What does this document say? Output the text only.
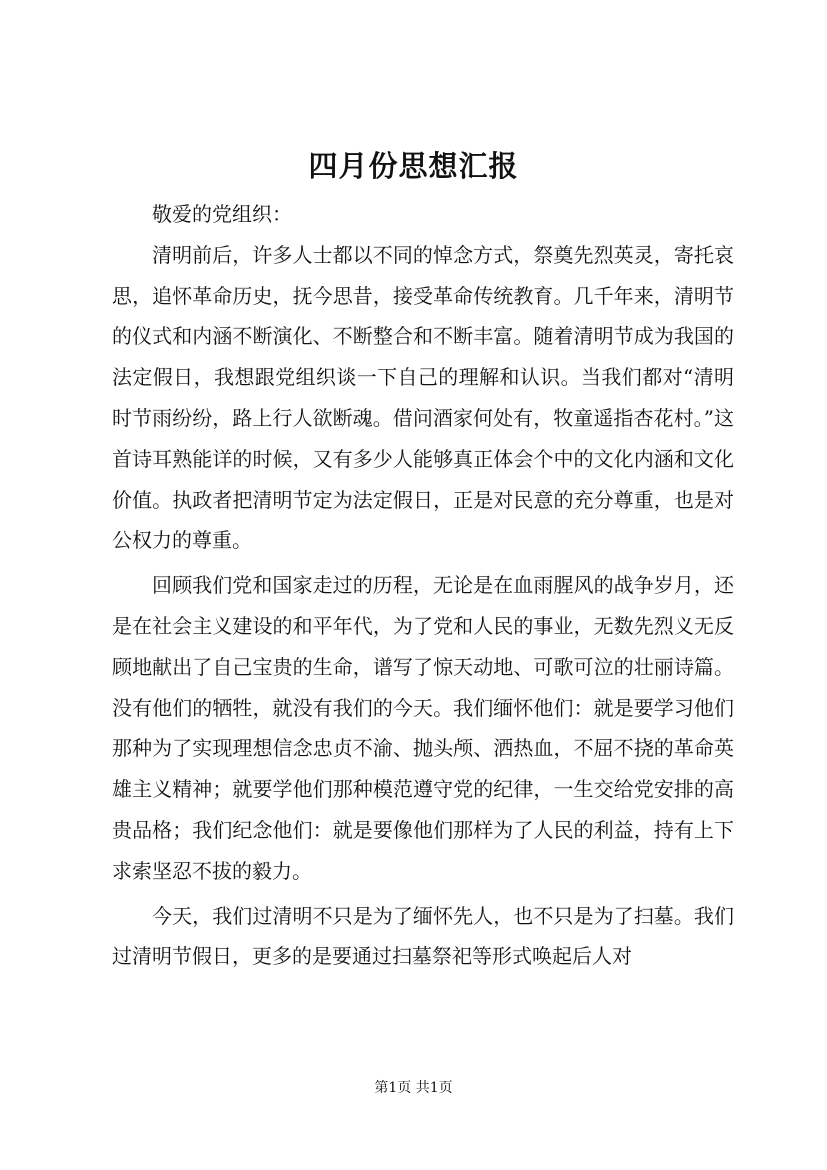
四月份思想汇报

敬爱的党组织：

清明前后，许多人士都以不同的悼念方式，祭奠先烈英灵，寄托哀思，追怀革命历史，抚今思昔，接受革命传统教育。几千年来，清明节的仪式和内涵不断演化、不断整合和不断丰富。随着清明节成为我国的法定假日，我想跟党组织谈一下自己的理解和认识。当我们都对“清明时节雨纷纷，路上行人欲断魂。借问酒家何处有，牧童遥指杏花村。”这首诗耳熟能详的时候，又有多少人能够真正体会个中的文化内涵和文化价值。执政者把清明节定为法定假日，正是对民意的充分尊重，也是对公权力的尊重。

回顾我们党和国家走过的历程，无论是在血雨腥风的战争岁月，还是在社会主义建设的和平年代，为了党和人民的事业，无数先烈义无反顾地献出了自己宝贵的生命，谱写了惊天动地、可歌可泣的壮丽诗篇。没有他们的牺牲，就没有我们的今天。我们缅怀他们：就是要学习他们那种为了实现理想信念忠贞不渝、抛头颅、洒热血，不屈不挠的革命英雄主义精神；就要学他们那种模范遵守党的纪律，一生交给党安排的高贵品格；我们纪念他们：就是要像他们那样为了人民的利益，持有上下求索坚忍不拔的毅力。

今天，我们过清明不只是为了缅怀先人，也不只是为了扫墓。我们过清明节假日，更多的是要通过扫墓祭祀等形式唤起后人对

第1页 共1页
